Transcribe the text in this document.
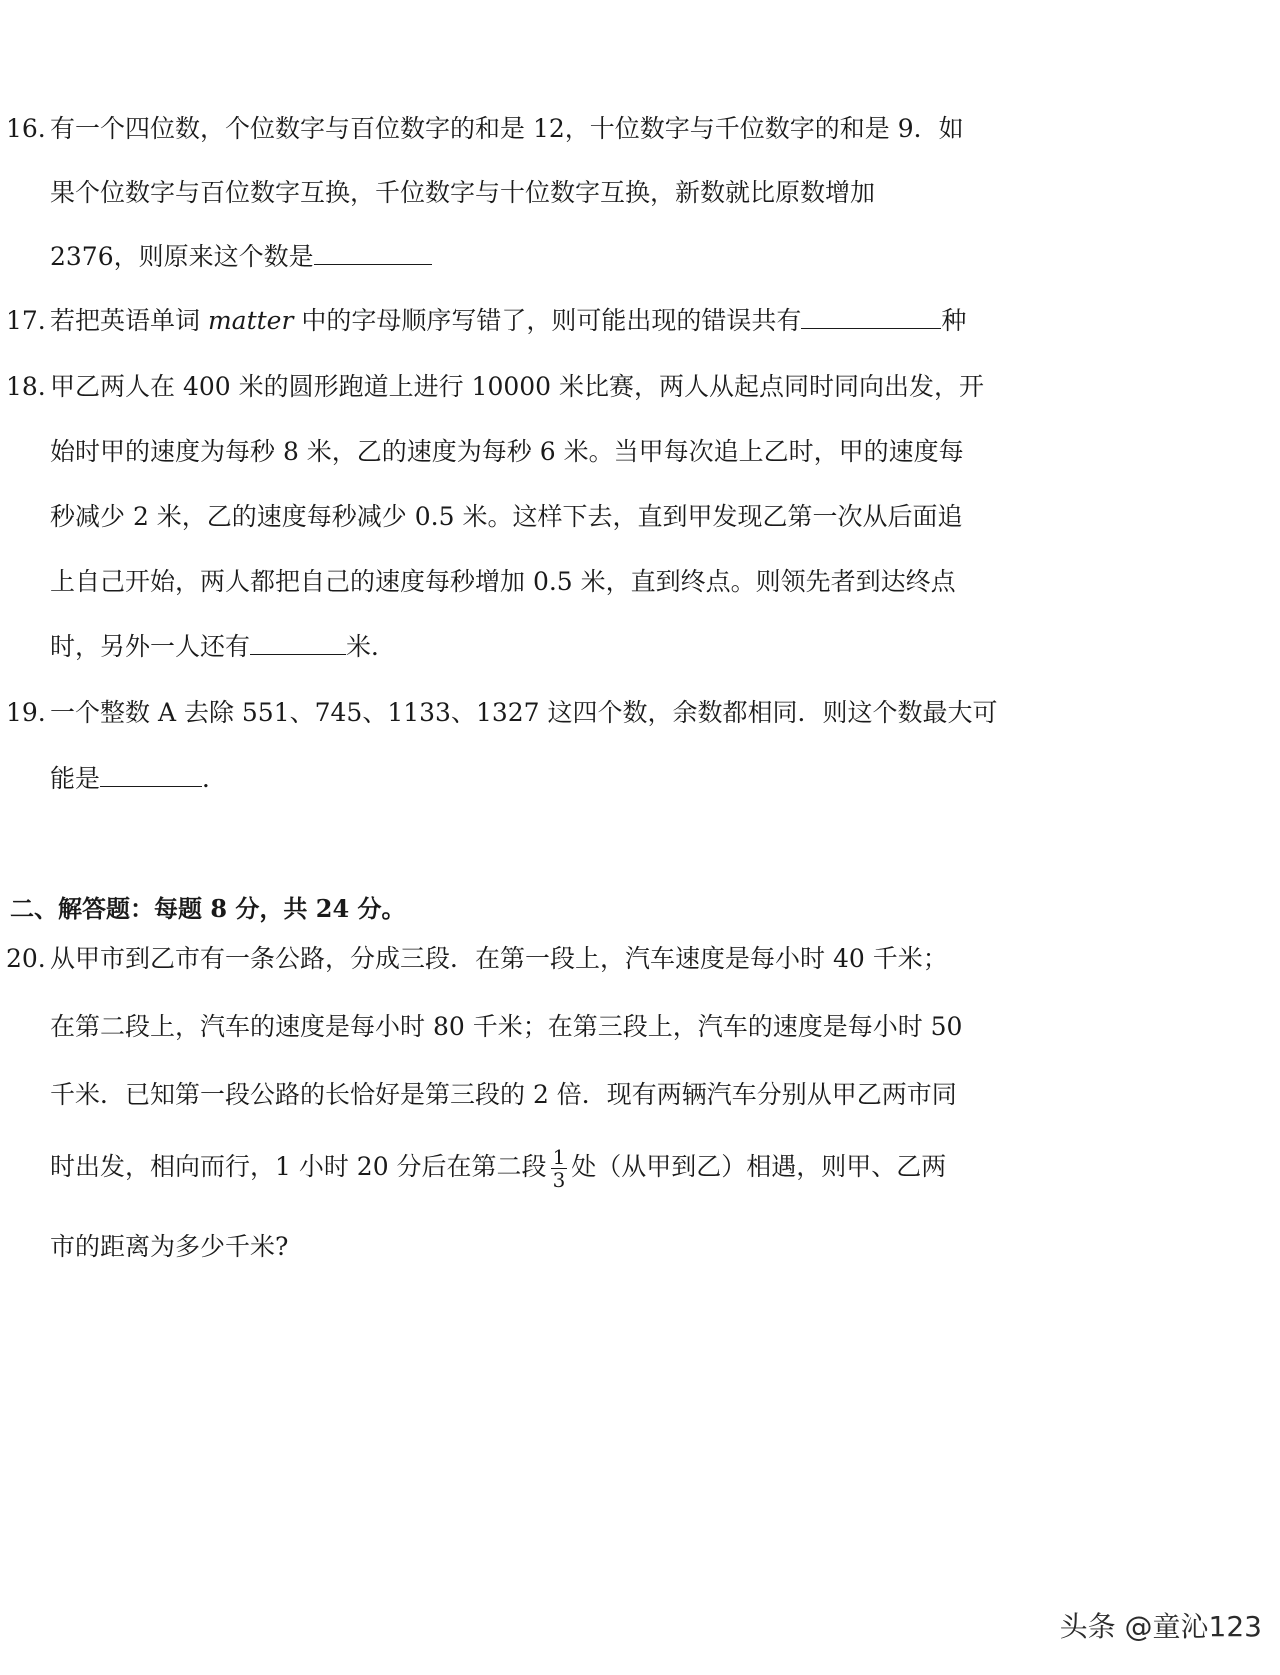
16. 有一个四位数，个位数字与百位数字的和是 12，十位数字与千位数字的和是 9．如
果个位数字与百位数字互换，千位数字与十位数字互换，新数就比原数增加
2376，则原来这个数是
17. 若把英语单词 matter 中的字母顺序写错了，则可能出现的错误共有	种
18. 甲乙两人在 400 米的圆形跑道上进行 10000 米比赛，两人从起点同时同向出发，开
始时甲的速度为每秒 8 米，乙的速度为每秒 6 米。当甲每次追上乙时，甲的速度每
秒减少 2 米，乙的速度每秒减少 0.5 米。这样下去，直到甲发现乙第一次从后面追
上自己开始，两人都把自己的速度每秒增加 0.5 米，直到终点。则领先者到达终点
时，另外一人还有	米．
19. 一个整数 A 去除 551、745、1133、1327 这四个数，余数都相同．则这个数最大可
能是	．
二、解答题：每题 8 分，共 24 分。
20. 从甲市到乙市有一条公路，分成三段．在第一段上，汽车速度是每小时 40 千米；
在第二段上，汽车的速度是每小时 80 千米；在第三段上，汽车的速度是每小时 50
千米．已知第一段公路的长恰好是第三段的 2 倍．现有两辆汽车分别从甲乙两市同
时出发，相向而行，1 小时 20 分后在第二段 $\frac{1}{3}$ 处（从甲到乙）相遇，则甲、乙两
市的距离为多少千米?
头条 @童沁123
